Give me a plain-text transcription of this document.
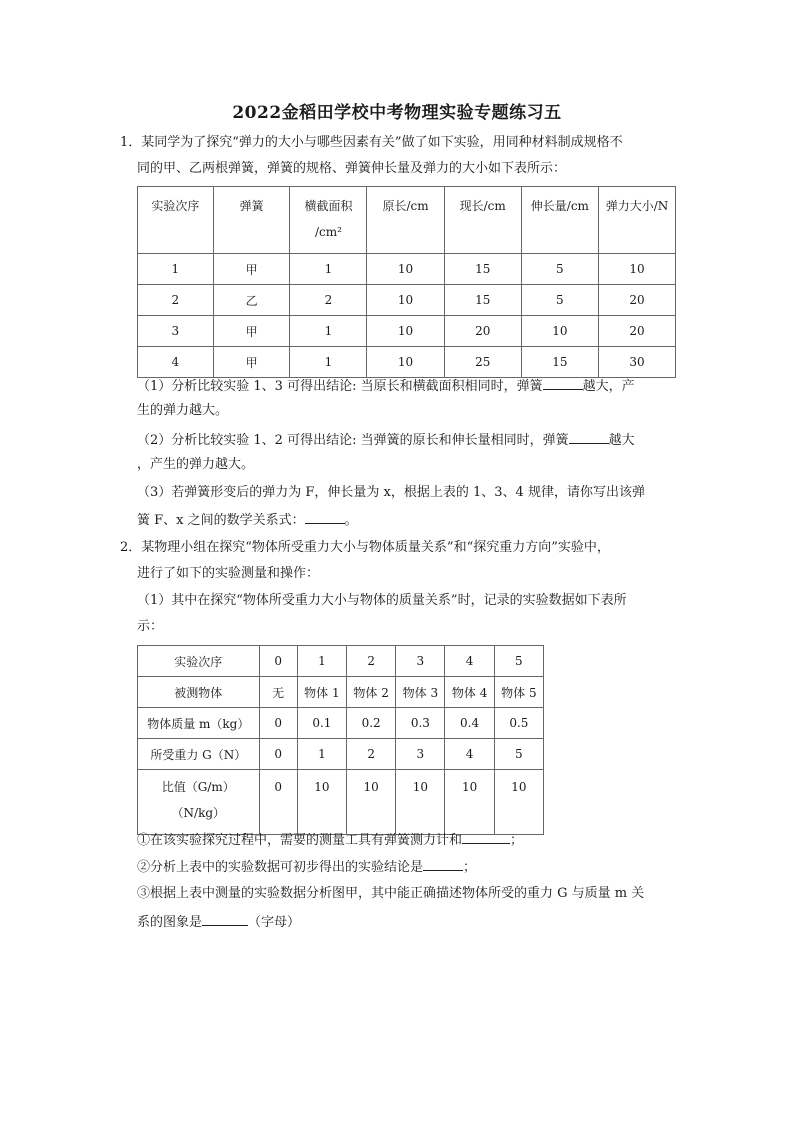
2022金稻田学校中考物理实验专题练习五
1．某同学为了探究“弹力的大小与哪些因素有关”做了如下实验，用同种材料制成规格不
同的甲、乙两根弹簧，弹簧的规格、弹簧伸长量及弹力的大小如下表所示：
实验次序	弹簧	横截面积
/cm²	原长/cm	现长/cm	伸长量/cm	弹力大小/N
1	甲	1	10	15	5	10
2	乙	2	10	15	5	20
3	甲	1	10	20	10	20
4	甲	1	10	25	15	30
（1）分析比较实验 1、3 可得出结论: 当原长和横截面积相同时，弹簧	越大，产
生的弹力越大。
（2）分析比较实验 1、2 可得出结论: 当弹簧的原长和伸长量相同时，弹簧	越大
，产生的弹力越大。
（3）若弹簧形变后的弹力为 F，伸长量为 x，根据上表的 1、3、4 规律，请你写出该弹
簧 F、x 之间的数学关系式：	。
2．某物理小组在探究“物体所受重力大小与物体质量关系”和“探究重力方向”实验中，
进行了如下的实验测量和操作：
（1）其中在探究“物体所受重力大小与物体的质量关系”时，记录的实验数据如下表所
示：
实验次序	0	1	2	3	4	5
被测物体	无	物体 1	物体 2	物体 3	物体 4	物体 5
物体质量 m（kg）	0	0.1	0.2	0.3	0.4	0.5
所受重力 G（N）	0	1	2	3	4	5
比值（G/m）
（N/kg）	0	10	10	10	10	10
①在该实验探究过程中，需要的测量工具有弹簧测力计和	；
②分析上表中的实验数据可初步得出的实验结论是	；
③根据上表中测量的实验数据分析图甲，其中能正确描述物体所受的重力 G 与质量 m 关
系的图象是	（字母）
